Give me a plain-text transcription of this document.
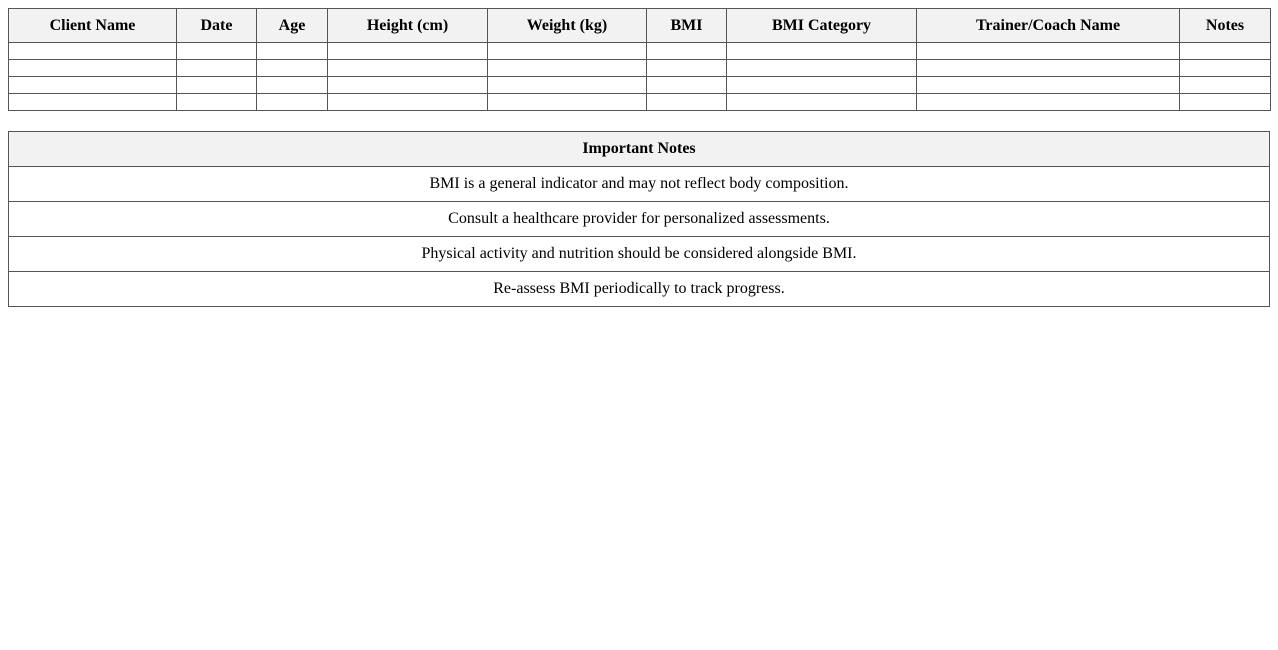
Client Name	Date	Age	Height (cm)	Weight (kg)	BMI	BMI Category	Trainer/Coach Name	Notes

Important Notes
BMI is a general indicator and may not reflect body composition.
Consult a healthcare provider for personalized assessments.
Physical activity and nutrition should be considered alongside BMI.
Re-assess BMI periodically to track progress.
